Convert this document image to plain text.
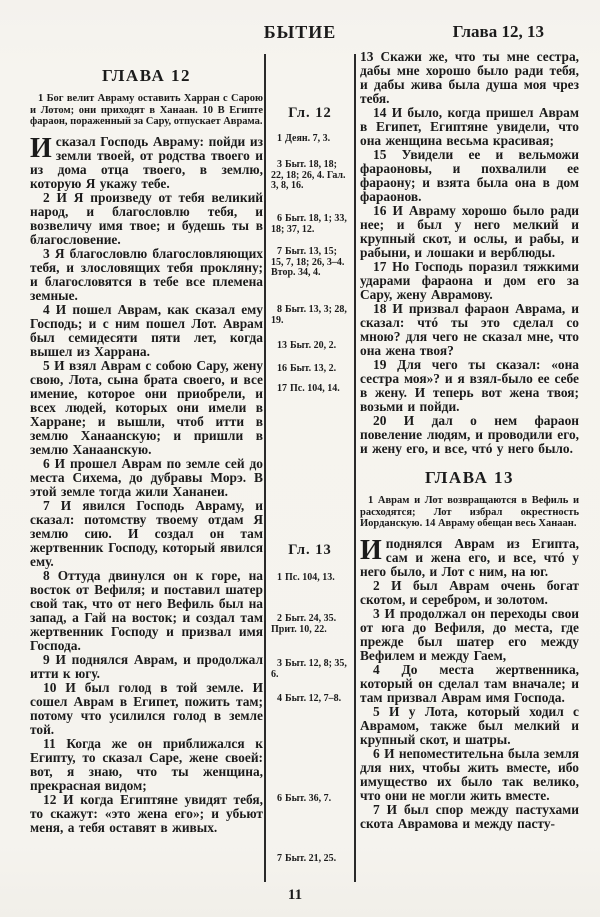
БЫТИЕ	Глава 12, 13
ГЛАВА 12

1 Бог велит Авраму оставить Харран с Сарою и Лотом; они приходят в Ханаан. 10 В Египте фараон, пораженный за Сару, отпускает Аврама.

Исказал Господь Авраму: пойди из земли твоей, от родства твоего и из дома отца твоего, в землю, которую Я укажу тебе.

2 И Я произведу от тебя великий народ, и благословлю тебя, и возвеличу имя твое; и будешь ты в благословение.

3 Я благословлю благословляющих тебя, и злословящих тебя прокляну; и благословятся в тебе все племена земные.

4 И пошел Аврам, как сказал ему Господь; и с ним пошел Лот. Аврам был семидесяти пяти лет, когда вышел из Харрана.

5 И взял Аврам с собою Сару, жену свою, Лота, сына брата своего, и все имение, которое они приобрели, и всех людей, которых они имели в Харране; и вышли, чтоб итти в землю Ханаанскую; и пришли в землю Ханаанскую.

6 И прошел Аврам по земле сей до места Сихема, до дубравы Морэ. В этой земле тогда жили Хананеи.

7 И явился Господь Авраму, и сказал: потомству твоему отдам Я землю сию. И создал он там жертвенник Господу, который явился ему.

8 Оттуда двинулся он к горе, на восток от Вефиля; и поставил шатер свой так, что от него Вефиль был на запад, а Гай на восток; и создал там жертвенник Господу и призвал имя Господа.

9 И поднялся Аврам, и продолжал итти к югу.

10 И был голод в той земле. И сошел Аврам в Египет, пожить там; потому что усилился голод в земле той.

11 Когда же он приближался к Египту, то сказал Саре, жене своей: вот, я знаю, что ты женщина, прекрасная видом;

12 И когда Египтяне увидят тебя, то скажут: «это жена его»; и убьют меня, а тебя оставят в живых.

Гл. 12
1 Деян. 7, 3.
3 Быт. 18, 18; 22, 18; 26, 4. Гал. 3, 8, 16.
6 Быт. 18, 1; 33, 18; 37, 12.
7 Быт. 13, 15; 15, 7, 18; 26, 3–4. Втор. 34, 4.
8 Быт. 13, 3; 28, 19.
13 Быт. 20, 2.
16 Быт. 13, 2.
17 Пс. 104, 14.
Гл. 13
1 Пс. 104, 13.
2 Быт. 24, 35. Прит. 10, 22.
3 Быт. 12, 8; 35, 6.
4 Быт. 12, 7–8.
6 Быт. 36, 7.
7 Быт. 21, 25.

13 Скажи же, что ты мне сестра, дабы мне хорошо было ради тебя, и дабы жива была душа моя чрез тебя.

14 И было, когда пришел Аврам в Египет, Египтяне увидели, что она женщина весьма красивая;

15 Увидели ее и вельможи фараоновы, и похвалили ее фараону; и взята была она в дом фараонов.

16 И Авраму хорошо было ради нее; и был у него мелкий и крупный скот, и ослы, и рабы, и рабыни, и лошаки и верблюды.

17 Но Господь поразил тяжкими ударами фараона и дом его за Сару, жену Аврамову.

18 И призвал фараон Аврама, и сказал: чтó ты это сделал со мною? для чего не сказал мне, что она жена твоя?

19 Для чего ты сказал: «она сестра моя»? и я взял-было ее себе в жену. И теперь вот жена твоя; возьми и пойди.

20 И дал о нем фараон повеление людям, и проводили его, и жену его, и все, чтó у него было.

ГЛАВА 13

1 Аврам и Лот возвращаются в Вефиль и расходятся; Лот избрал окрестность Иорданскую. 14 Авраму обещан весь Ханаан.

Иподнялся Аврам из Египта, сам и жена его, и все, чтó у него было, и Лот с ним, на юг.

2 И был Аврам очень богат скотом, и серебром, и золотом.

3 И продолжал он переходы свои от юга до Вефиля, до места, где прежде был шатер его между Вефилем и между Гаем,

4 До места жертвенника, который он сделал там вначале; и там призвал Аврам имя Господа.

5 И у Лота, который ходил с Аврамом, также был мелкий и крупный скот, и шатры.

6 И непоместительна была земля для них, чтобы жить вместе, ибо имущество их было так велико, что они не могли жить вместе.

7 И был спор между пастухами скота Аврамова и между пасту-

11
